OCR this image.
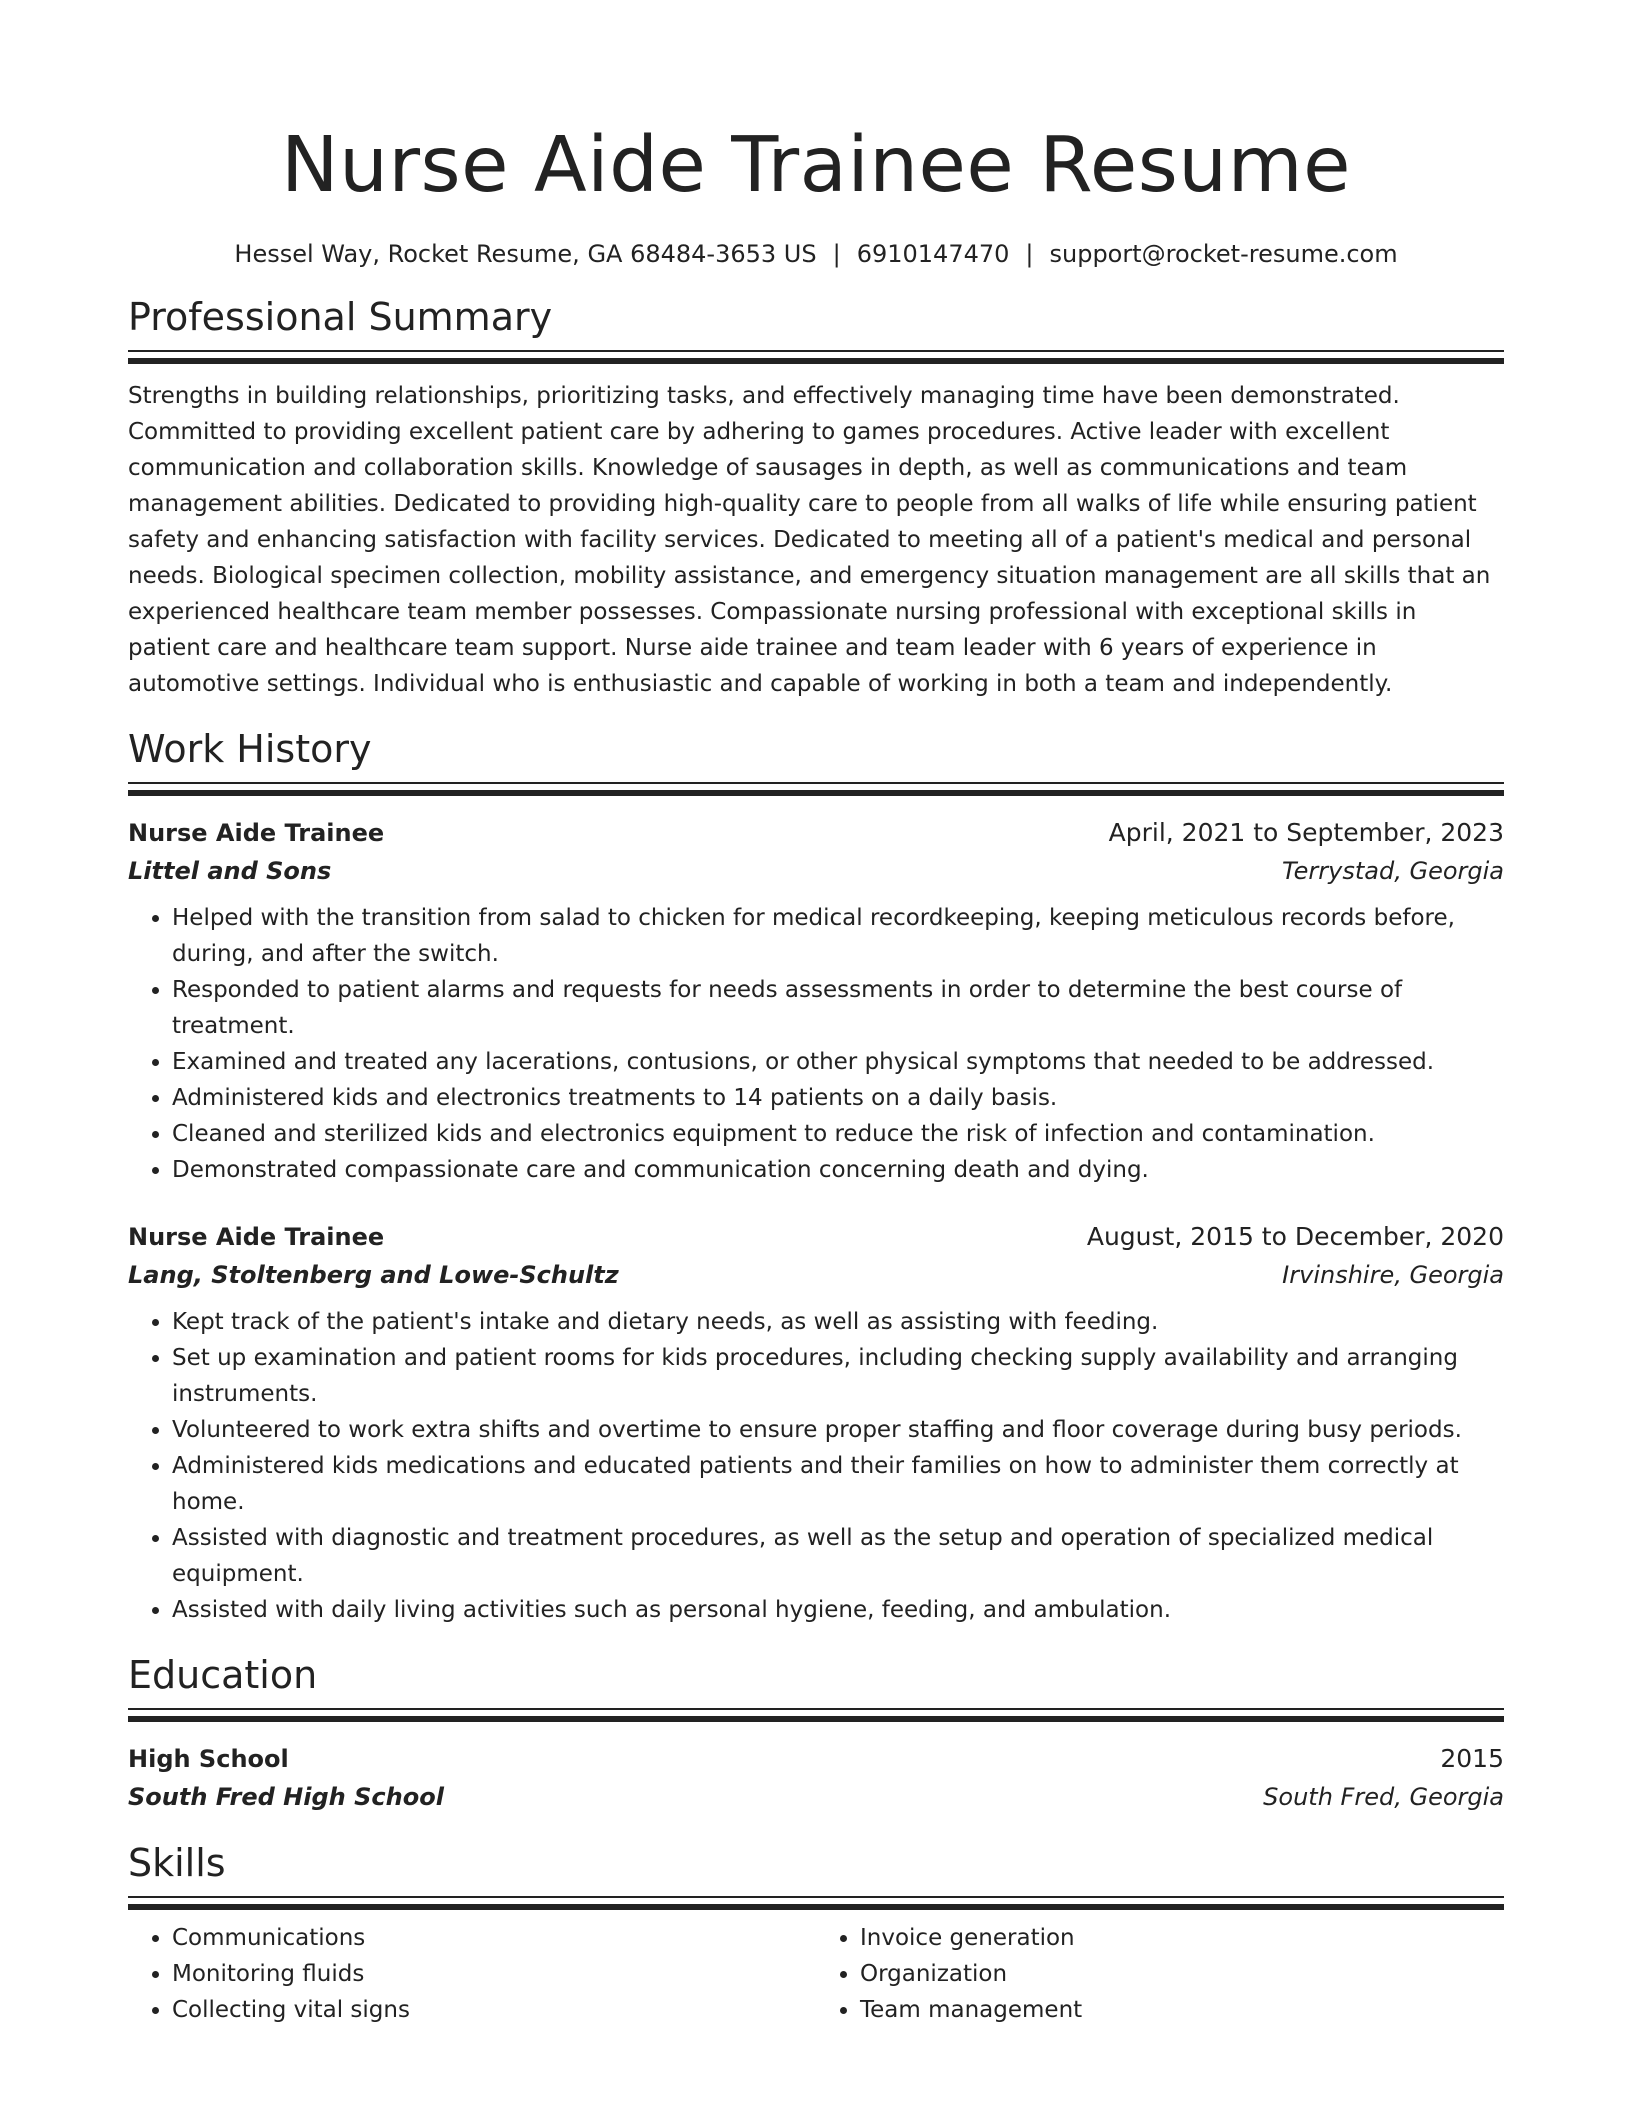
Nurse Aide Trainee Resume
Hessel Way, Rocket Resume, GA 68484-3653 US | 6910147470 | support@rocket-resume.com
Professional Summary

Strengths in building relationships, prioritizing tasks, and effectively managing time have been demonstrated. Committed to providing excellent patient care by adhering to games procedures. Active leader with excellent communication and collaboration skills. Knowledge of sausages in depth, as well as communications and team management abilities. Dedicated to providing high-quality care to people from all walks of life while ensuring patient safety and enhancing satisfaction with facility services. Dedicated to meeting all of a patient's medical and personal needs. Biological specimen collection, mobility assistance, and emergency situation management are all skills that an experienced healthcare team member possesses. Compassionate nursing professional with exceptional skills in patient care and healthcare team support. Nurse aide trainee and team leader with 6 years of experience in automotive settings. Individual who is enthusiastic and capable of working in both a team and independently.

Work History
Nurse Aide Trainee	April, 2021 to September, 2023
Littel and Sons	Terrystad, Georgia
• Helped with the transition from salad to chicken for medical recordkeeping, keeping meticulous records before, during, and after the switch.
• Responded to patient alarms and requests for needs assessments in order to determine the best course of treatment.
• Examined and treated any lacerations, contusions, or other physical symptoms that needed to be addressed.
• Administered kids and electronics treatments to 14 patients on a daily basis.
• Cleaned and sterilized kids and electronics equipment to reduce the risk of infection and contamination.
• Demonstrated compassionate care and communication concerning death and dying.
Nurse Aide Trainee	August, 2015 to December, 2020
Lang, Stoltenberg and Lowe-Schultz	Irvinshire, Georgia
• Kept track of the patient's intake and dietary needs, as well as assisting with feeding.
• Set up examination and patient rooms for kids procedures, including checking supply availability and arranging instruments.
• Volunteered to work extra shifts and overtime to ensure proper staffing and floor coverage during busy periods.
• Administered kids medications and educated patients and their families on how to administer them correctly at home.
• Assisted with diagnostic and treatment procedures, as well as the setup and operation of specialized medical equipment.
• Assisted with daily living activities such as personal hygiene, feeding, and ambulation.
Education
High School	2015
South Fred High School	South Fred, Georgia
Skills
• Communications
• Monitoring fluids
• Collecting vital signs
• Invoice generation
• Organization
• Team management
